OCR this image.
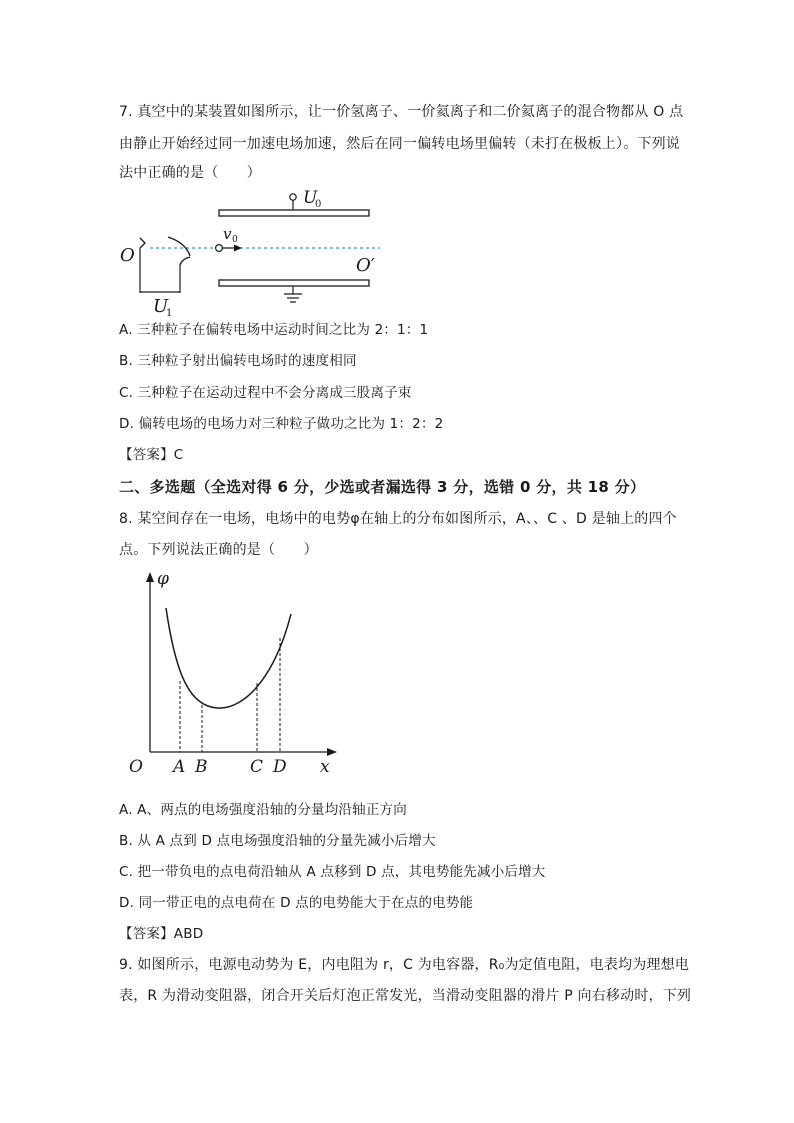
7. 真空中的某装置如图所示，让一价氢离子、一价氦离子和二价氦离子的混合物都从 O 点
由静止开始经过同一加速电场加速，然后在同一偏转电场里偏转（未打在极板上）。下列说
法中正确的是（　　）
U
0
v 0
O	O′
U
1
A. 三种粒子在偏转电场中运动时间之比为 2：1：1
B. 三种粒子射出偏转电场时的速度相同
C. 三种粒子在运动过程中不会分离成三股离子束
D. 偏转电场的电场力对三种粒子做功之比为 1：2：2
【答案】C
二、多选题（全选对得 6 分，少选或者漏选得 3 分，选错 0 分，共 18 分）
8. 某空间存在一电场，电场中的电势φ在轴上的分布如图所示，A、、C 、D 是轴上的四个
点。下列说法正确的是（　　）
φ
x
O A B	C D
A. A、两点的电场强度沿轴的分量均沿轴正方向
B. 从 A 点到 D 点电场强度沿轴的分量先减小后增大
C. 把一带负电的点电荷沿轴从 A 点移到 D 点，其电势能先减小后增大
D. 同一带正电的点电荷在 D 点的电势能大于在点的电势能
【答案】ABD
9. 如图所示，电源电动势为 E，内电阻为 r，C 为电容器，R₀为定值电阻，电表均为理想电
表，R 为滑动变阻器，闭合开关后灯泡正常发光，当滑动变阻器的滑片 P 向右移动时，下列
